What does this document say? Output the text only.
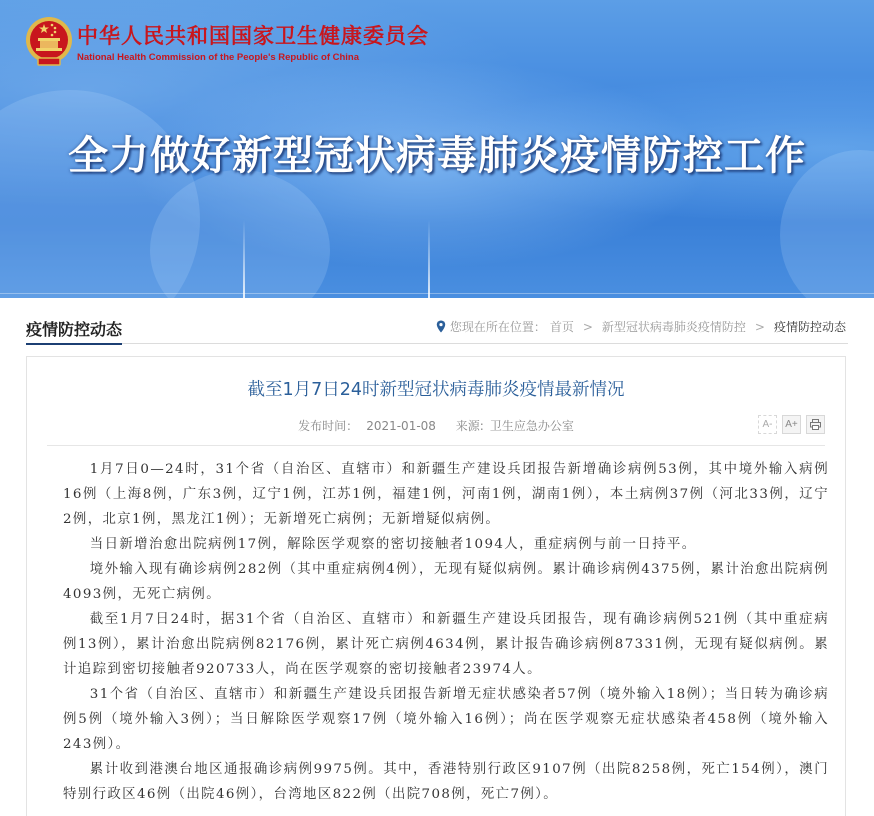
中华人民共和国国家卫生健康委员会
National Health Commission of the People's Republic of China
全力做好新型冠状病毒肺炎疫情防控工作
疫情防控动态	您现在所在位置： 首页 > 新型冠状病毒肺炎疫情防控 > 疫情防控动态
截至1月7日24时新型冠状病毒肺炎疫情最新情况
发布时间： 2021-01-08 来源: 卫生应急办公室	A-	A+

1月7日0—24时，31个省（自治区、直辖市）和新疆生产建设兵团报告新增确诊病例53例，其中境外输入病例16例（上海8例，广东3例，辽宁1例，江苏1例，福建1例，河南1例，湖南1例），本土病例37例（河北33例，辽宁2例，北京1例，黑龙江1例）；无新增死亡病例；无新增疑似病例。

当日新增治愈出院病例17例，解除医学观察的密切接触者1094人，重症病例与前一日持平。

境外输入现有确诊病例282例（其中重症病例4例），无现有疑似病例。累计确诊病例4375例，累计治愈出院病例4093例，无死亡病例。

截至1月7日24时，据31个省（自治区、直辖市）和新疆生产建设兵团报告，现有确诊病例521例（其中重症病例13例），累计治愈出院病例82176例，累计死亡病例4634例，累计报告确诊病例87331例，无现有疑似病例。累计追踪到密切接触者920733人，尚在医学观察的密切接触者23974人。

31个省（自治区、直辖市）和新疆生产建设兵团报告新增无症状感染者57例（境外输入18例）；当日转为确诊病例5例（境外输入3例）；当日解除医学观察17例（境外输入16例）；尚在医学观察无症状感染者458例（境外输入243例）。

累计收到港澳台地区通报确诊病例9975例。其中，香港特别行政区9107例（出院8258例，死亡154例），澳门特别行政区46例（出院46例），台湾地区822例（出院708例，死亡7例）。
